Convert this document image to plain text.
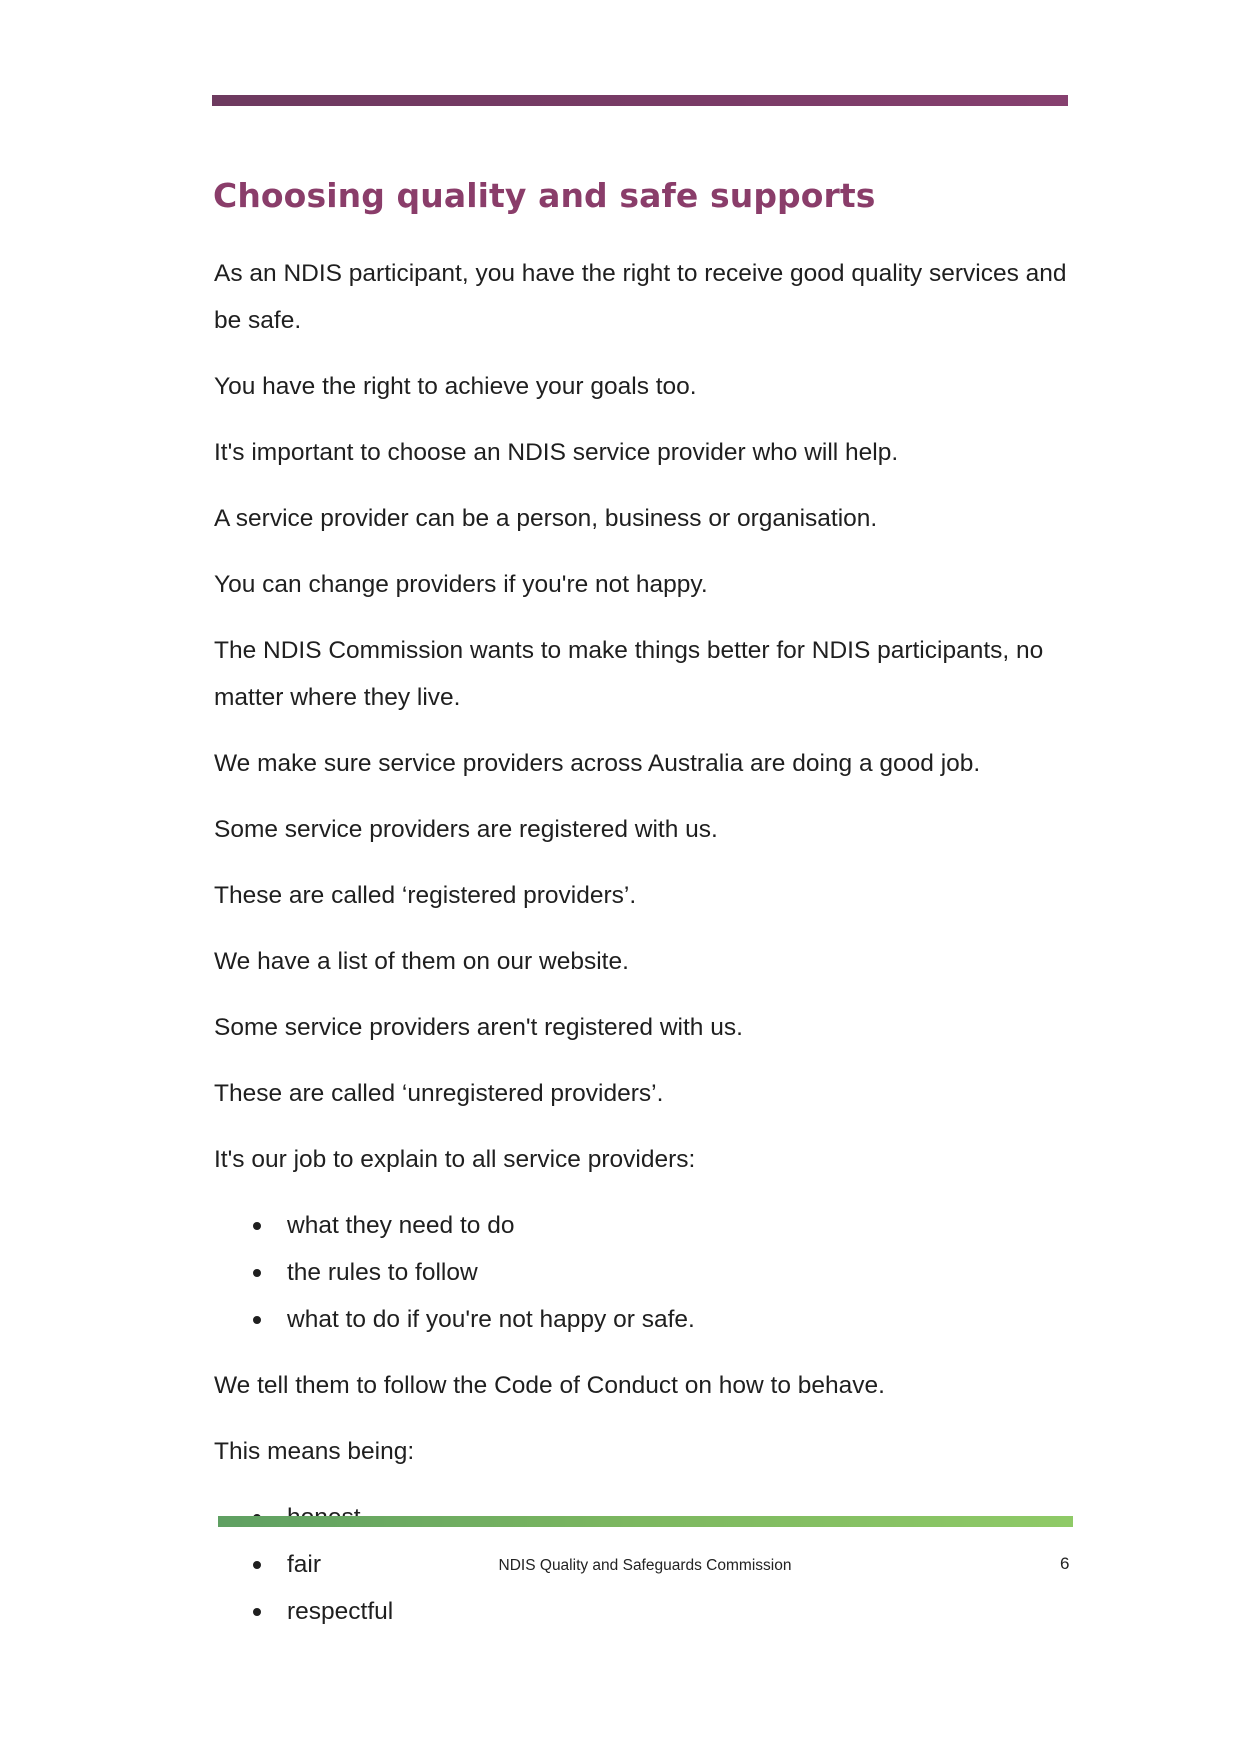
Choosing quality and safe supports

As an NDIS participant, you have the right to receive good quality services and be safe.

You have the right to achieve your goals too.

It's important to choose an NDIS service provider who will help.

A service provider can be a person, business or organisation.

You can change providers if you're not happy.

The NDIS Commission wants to make things better for NDIS participants, no matter where they live.

We make sure service providers across Australia are doing a good job.

Some service providers are registered with us.

These are called ‘registered providers’.

We have a list of them on our website.

Some service providers aren't registered with us.

These are called ‘unregistered providers’.

It's our job to explain to all service providers:

what they need to do
the rules to follow
what to do if you're not happy or safe.

We tell them to follow the Code of Conduct on how to behave.

This means being:

fair
respectful
NDIS Quality and Safeguards Commission	6
